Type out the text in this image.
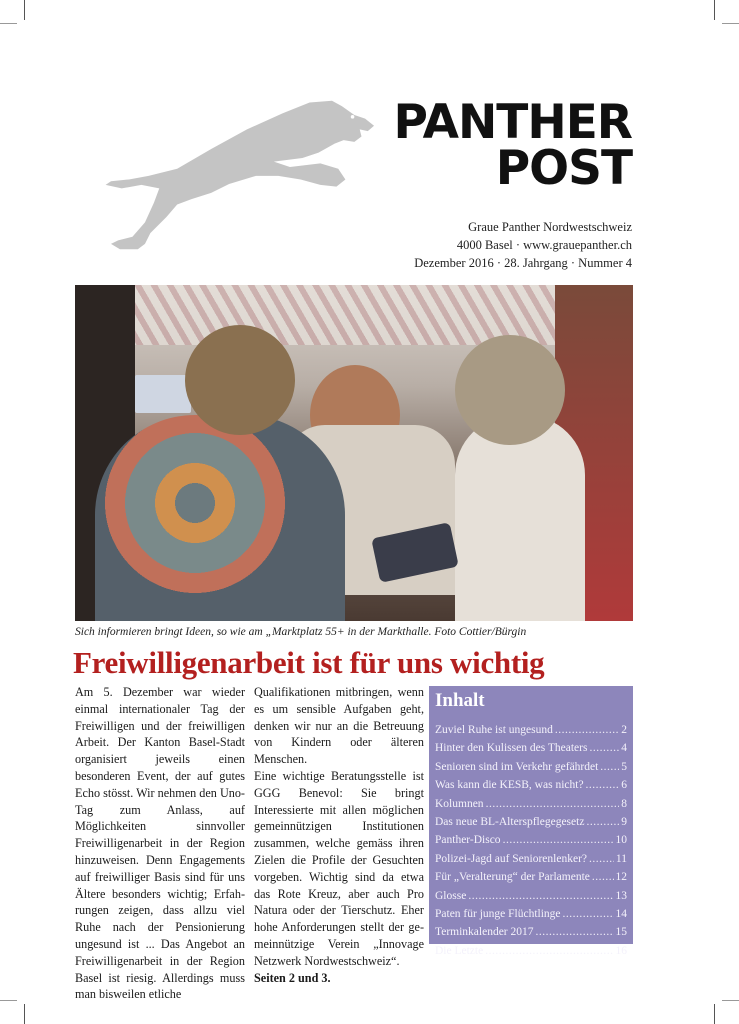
PANTHER
POST
Graue Panther Nordwestschweiz
4000 Basel · www.grauepanther.ch
Dezember 2016 · 28. Jahrgang · Nummer 4
Sich informieren bringt Ideen, so wie am „Marktplatz 55+ in der Markthalle. Foto Cottier/Bürgin
Freiwilligenarbeit ist für uns wichtig

Am 5. Dezember war wieder einmal internationaler Tag der Freiwilligen und der freiwilligen Arbeit. Der Kanton Basel-Stadt organisiert jeweils einen besonderen Event, der auf gutes Echo stösst. Wir nehmen den Uno-Tag zum Anlass, auf Möglichkeiten sinnvoller Freiwilligenarbeit in der Region hinzuweisen. Denn Engagements auf freiwilliger Basis sind für uns Ältere besonders wichtig; Erfahrungen zeigen, dass allzu viel Ruhe nach der Pensionierung ungesund ist ... Das Angebot an Freiwilligenarbeit in der Region Basel ist riesig. Allerdings muss man bisweilen etliche

Qualifikationen mitbringen, wenn es um sensible Aufgaben geht, denken wir nur an die Betreuung von Kindern oder älteren Menschen.

Eine wichtige Beratungsstelle ist GGG Benevol: Sie bringt Interessierte mit allen möglichen gemeinnützigen Institutionen zusammen, welche gemäss ihren Zielen die Profile der Gesuchten vorgeben. Wichtig sind da etwa das Rote Kreuz, aber auch Pro Natura oder der Tierschutz. Eher hohe Anforderungen stellt der gemeinnützige Verein „Innovage Netzwerk Nordwestschweiz“.

Seiten 2 und 3.

Inhalt
Zuviel Ruhe ist ungesund .....	2
Hinter den Kulissen des Theaters .....	4
Senioren sind im Verkehr gefährdet ..... 5
Was kann die KESB, was nicht? .....	6
Kolumnen .....	8
Das neue BL-Alterspflegegesetz .....	9
Panther-Disco .....	10
Polizei-Jagd auf Seniorenlenker? .....	11
Für „Veralterung“ der Parlamente ..... 12
Glosse .....	13
Paten für junge Flüchtlinge .....	14
Terminkalender 2017 .....	15
Die Letzte .....	16
